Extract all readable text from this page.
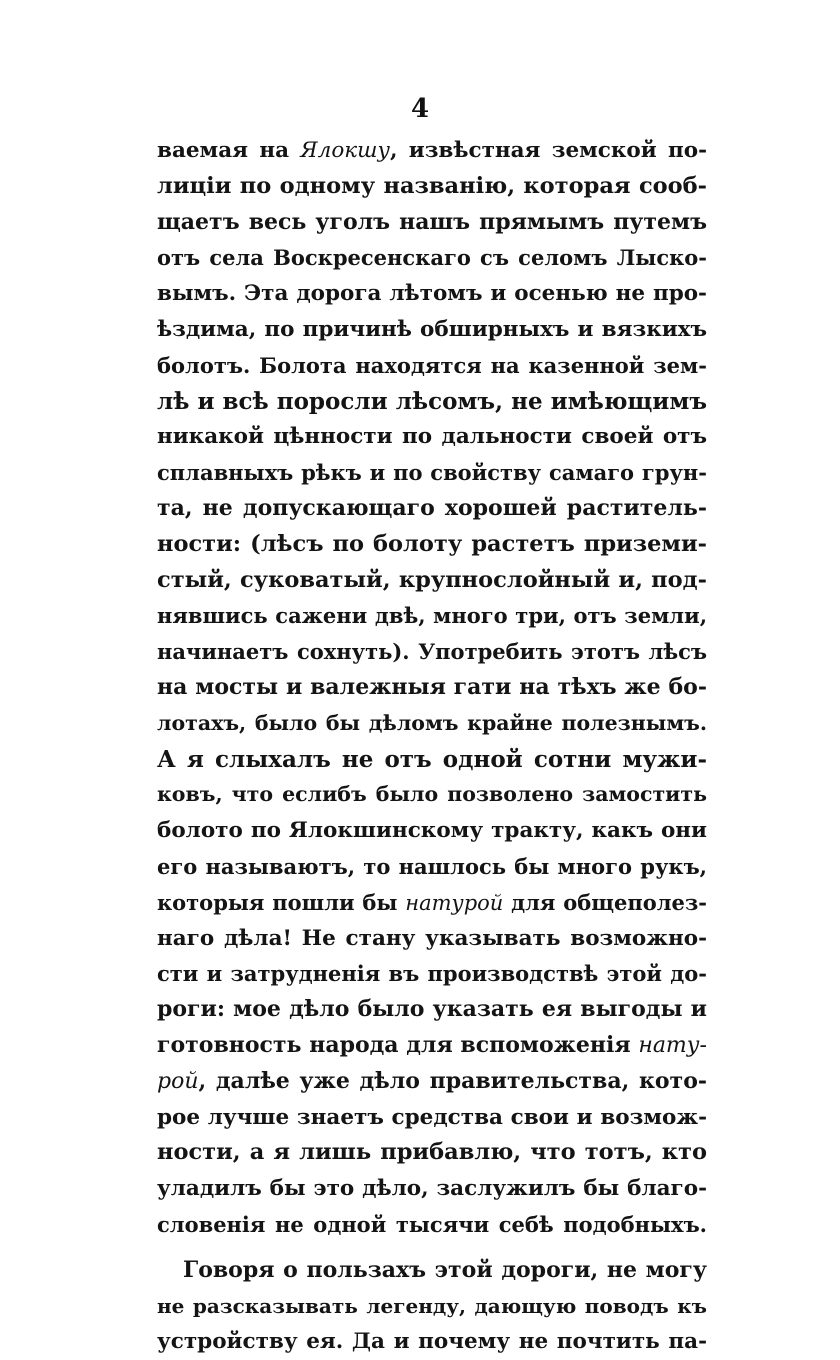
4
ваемая на Ялокшу, извѣстная земской по-
лиціи по одному названію, которая сооб-
щаетъ весь уголъ нашъ прямымъ путемъ
отъ села Воскресенскаго съ селомъ Лыско-
вымъ. Эта дорога лѣтомъ и осенью не про-
ѣздима, по причинѣ обширныхъ и вязкихъ
болотъ. Болота находятся на казенной зем-
лѣ и всѣ поросли лѣсомъ, не имѣющимъ
никакой цѣнности по дальности своей отъ
сплавныхъ рѣкъ и по свойству самаго грун-
та, не допускающаго хорошей раститель-
ности: (лѣсъ по болоту растетъ приземи-
стый, суковатый, крупнослойный и, под-
нявшись сажени двѣ, много три, отъ земли,
начинаетъ сохнуть). Употребить этотъ лѣсъ
на мосты и валежныя гати на тѣхъ же бо-
лотахъ, было бы дѣломъ крайне полезнымъ.
А я слыхалъ не отъ одной сотни мужи-
ковъ, что еслибъ было позволено замостить
болото по Ялокшинскому тракту, какъ они
его называютъ, то нашлось бы много рукъ,
которыя пошли бы натурой для общеполез-
наго дѣла! Не стану указывать возможно-
сти и затрудненія въ производствѣ этой до-
роги: мое дѣло было указать ея выгоды и
готовность народа для вспоможенія нату-
рой, далѣе уже дѣло правительства, кото-
рое лучше знаетъ средства свои и возмож-
ности, а я лишь прибавлю, что тотъ, кто
уладилъ бы это дѣло, заслужилъ бы благо-
словенія не одной тысячи себѣ подобныхъ.
Говоря о пользахъ этой дороги, не могу
не разсказывать легенду, дающую поводъ къ
устройству ея. Да и почему не почтить па-
